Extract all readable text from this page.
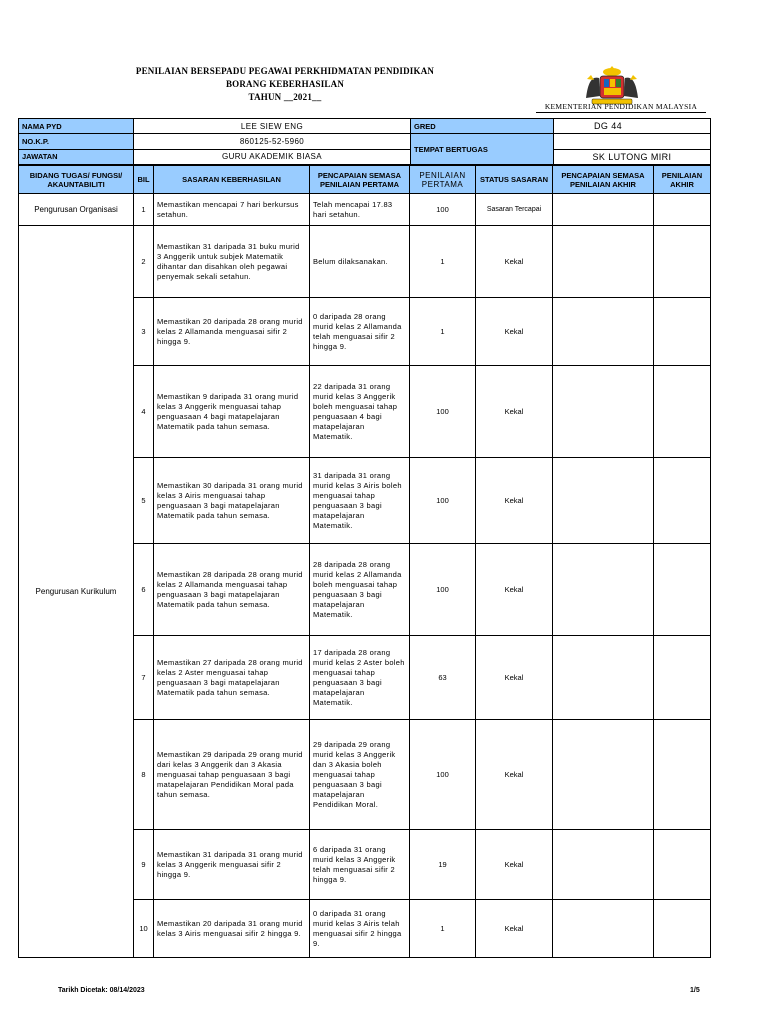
PENILAIAN BERSEPADU PEGAWAI PERKHIDMATAN PENDIDIKAN
BORANG KEBERHASILAN
TAHUN __2021__
KEMENTERIAN PENDIDIKAN MALAYSIA
NAMA PYD	LEE SIEW ENG	GRED	DG 44
NO.K.P.	860125-52-5960	TEMPAT BERTUGAS	SK LUTONG MIRI

JAWATAN	GURU AKADEMIK BIASA		
BIDANG TUGAS/ FUNGSI/ AKAUNTABILITI	BIL	SASARAN KEBERHASILAN	PENCAPAIAN SEMASA PENILAIAN PERTAMA	PENILAIAN PERTAMA	STATUS SASARAN	PENCAPAIAN SEMASA PENILAIAN AKHIR	PENILAIAN AKHIR
Pengurusan Organisasi	1	Memastikan mencapai 7 hari berkursus setahun.	Telah mencapai 17.83 hari setahun.	100	Sasaran Tercapai		
Pengurusan Kurikulum	2	Memastikan 31 daripada 31 buku murid 3 Anggerik untuk subjek Matematik dihantar dan disahkan oleh pegawai penyemak sekali setahun.	Belum dilaksanakan.	1	Kekal		
	3	Memastikan 20 daripada 28 orang murid kelas 2 Allamanda menguasai sifir 2 hingga 9.	0 daripada 28 orang murid kelas 2 Allamanda telah menguasai sifir 2 hingga 9.	1	Kekal		
	4	Memastikan 9 daripada 31 orang murid kelas 3 Anggerik menguasai tahap penguasaan 4 bagi matapelajaran Matematik pada tahun semasa.	22 daripada 31 orang murid kelas 3 Anggerik boleh menguasai tahap penguasaan 4 bagi matapelajaran Matematik.	100	Kekal		
	5	Memastikan 30 daripada 31 orang murid kelas 3 Airis menguasai tahap penguasaan 3 bagi matapelajaran Matematik pada tahun semasa.	31 daripada 31 orang murid kelas 3 Airis boleh menguasai tahap penguasaan 3 bagi matapelajaran Matematik.	100	Kekal		
	6	Memastikan 28 daripada 28 orang murid kelas 2 Allamanda menguasai tahap penguasaan 3 bagi matapelajaran Matematik pada tahun semasa.	28 daripada 28 orang murid kelas 2 Allamanda boleh menguasai tahap penguasaan 3 bagi matapelajaran Matematik.	100	Kekal		
	7	Memastikan 27 daripada 28 orang murid kelas 2 Aster menguasai tahap penguasaan 3 bagi matapelajaran Matematik pada tahun semasa.	17 daripada 28 orang murid kelas 2 Aster boleh menguasai tahap penguasaan 3 bagi matapelajaran Matematik.	63	Kekal		
	8	Memastikan 29 daripada 29 orang murid dari kelas 3 Anggerik dan 3 Akasia menguasai tahap penguasaan 3 bagi matapelajaran Pendidikan Moral pada tahun semasa.	29 daripada 29 orang murid kelas 3 Anggerik dan 3 Akasia boleh menguasai tahap penguasaan 3 bagi matapelajaran Pendidikan Moral.	100	Kekal		
	9	Memastikan 31 daripada 31 orang murid kelas 3 Anggerik menguasai sifir 2 hingga 9.	6 daripada 31 orang murid kelas 3 Anggerik telah menguasai sifir 2 hingga 9.	19	Kekal		
	10	Memastikan 20 daripada 31 orang murid kelas 3 Airis menguasai sifir 2 hingga 9.	0 daripada 31 orang murid kelas 3 Airis telah menguasai sifir 2 hingga 9.	1	Kekal		
Tarikh Dicetak: 08/14/2023	1/5
